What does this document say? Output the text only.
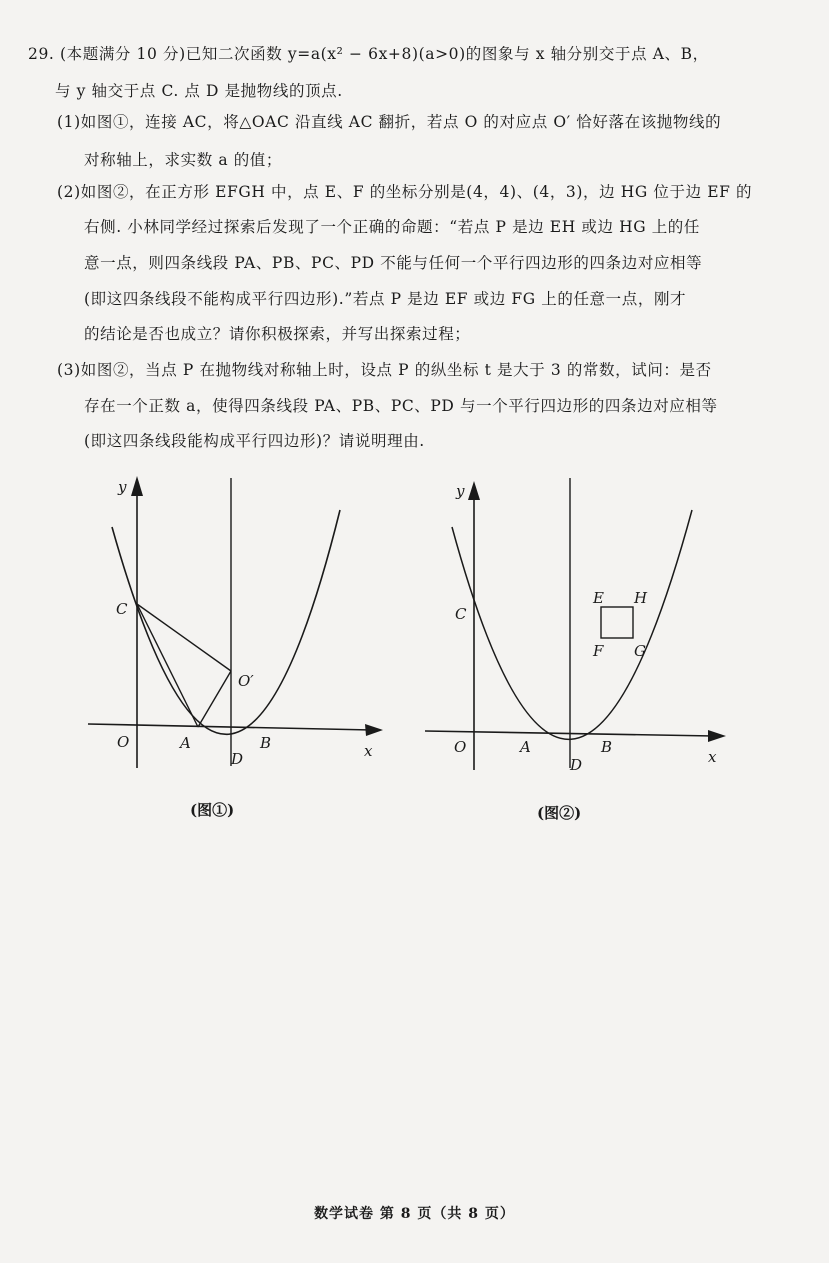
29. (本题满分 10 分)已知二次函数 y=a(x² − 6x+8)(a>0)的图象与 x 轴分别交于点 A、B，
与 y 轴交于点 C. 点 D 是抛物线的顶点.
(1)如图①，连接 AC，将△OAC 沿直线 AC 翻折，若点 O 的对应点 O′ 恰好落在该抛物线的
对称轴上，求实数 a 的值；
(2)如图②，在正方形 EFGH 中，点 E、F 的坐标分别是(4，4)、(4，3)，边 HG 位于边 EF 的
右侧. 小林同学经过探索后发现了一个正确的命题：“若点 P 是边 EH 或边 HG 上的任
意一点，则四条线段 PA、PB、PC、PD 不能与任何一个平行四边形的四条边对应相等
(即这四条线段不能构成平行四边形).”若点 P 是边 EF 或边 FG 上的任意一点，刚才
的结论是否也成立？请你积极探索，并写出探索过程；
(3)如图②，当点 P 在抛物线对称轴上时，设点 P 的纵坐标 t 是大于 3 的常数，试问：是否
存在一个正数 a，使得四条线段 PA、PB、PC、PD 与一个平行四边形的四条边对应相等
(即这四条线段能构成平行四边形)？请说明理由.
y
x
C
O′
O	A	B
D
y
x
C
E H
F G
O	A	B
D
(图①)	(图②)
数学试卷 第 8 页（共 8 页）
